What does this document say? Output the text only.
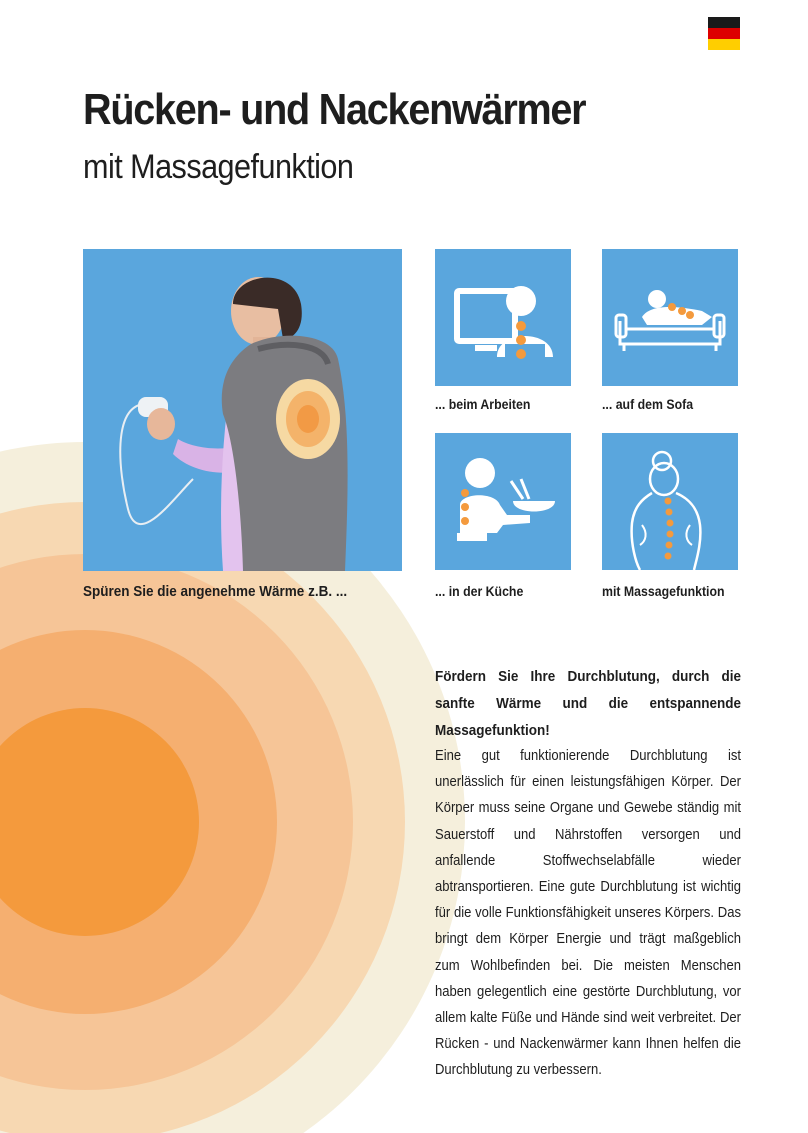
Rücken- und Nackenwärmer
mit Massagefunktion
Spüren Sie die angenehme Wärme z.B. ...
... beim Arbeiten	... auf dem Sofa
... in der Küche	mit Massagefunktion

Fördern Sie Ihre Durchblutung, durch die sanfte Wärme und die entspannende Massagefunktion!

Eine gut funktionierende Durchblutung ist unerlässlich für einen leistungsfähigen Körper. Der Körper muss seine Organe und Gewebe ständig mit Sauerstoff und Nährstoffen versorgen und anfallende Stoffwechselabfälle wieder abtransportieren. Eine gute Durchblutung ist wichtig für die volle Funktionsfähigkeit unseres Körpers. Das bringt dem Körper Energie und trägt maßgeblich zum Wohlbefinden bei. Die meisten Menschen haben gelegentlich eine gestörte Durchblutung, vor allem kalte Füße und Hände sind weit verbreitet. Der Rücken - und Nackenwärmer kann Ihnen helfen die Durchblutung zu verbessern.
